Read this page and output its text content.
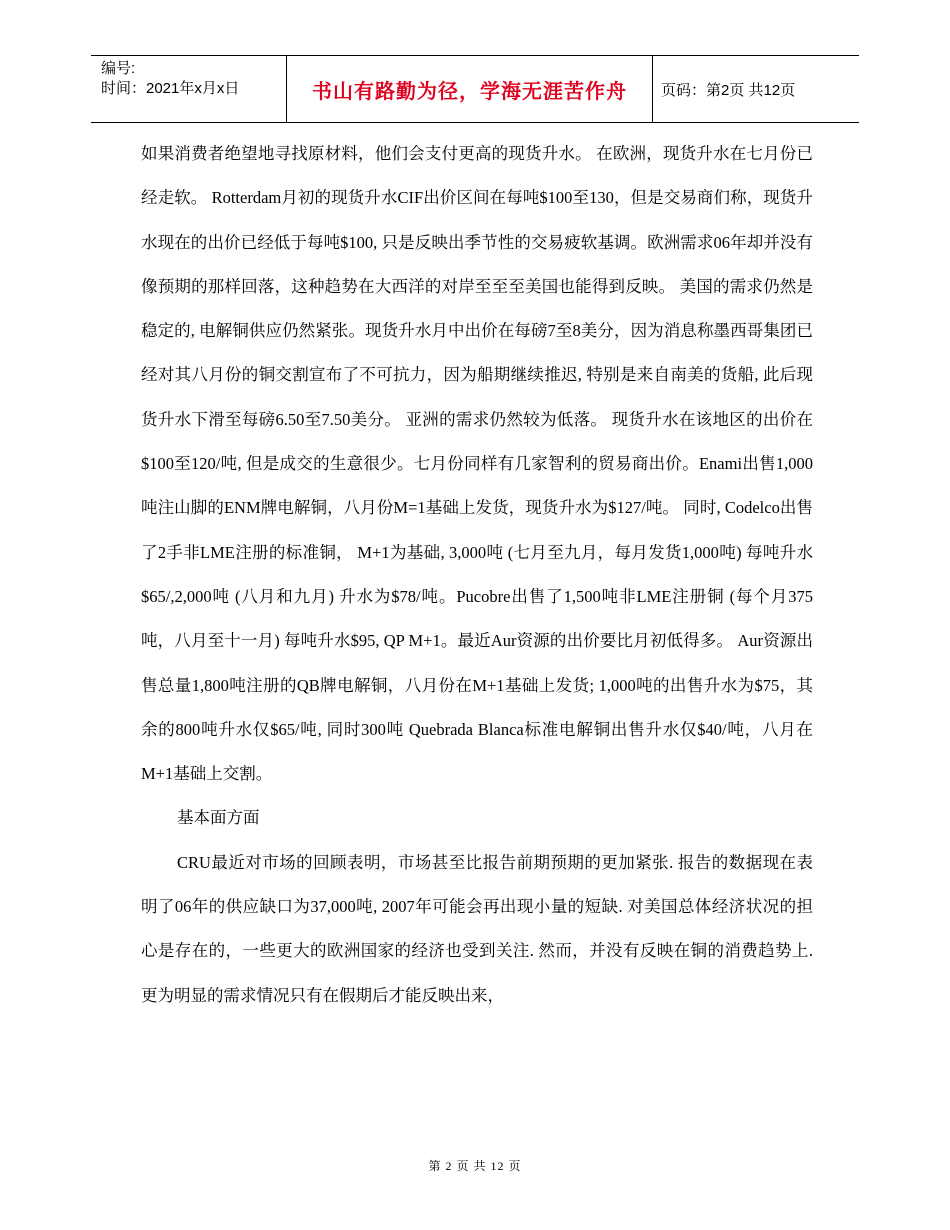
编号:
时间：2021年x月x日	书山有路勤为径，学海无涯苦作舟	页码：第2页 共12页

如果消费者绝望地寻找原材料，他们会支付更高的现货升水。 在欧洲，现货升水在七月份已经走软。 Rotterdam月初的现货升水CIF出价区间在每吨$100至130，但是交易商们称，现货升水现在的出价已经低于每吨$100, 只是反映出季节性的交易疲软基调。欧洲需求06年却并没有像预期的那样回落，这种趋势在大西洋的对岸至至至美国也能得到反映。 美国的需求仍然是稳定的, 电解铜供应仍然紧张。现货升水月中出价在每磅7至8美分，因为消息称墨西哥集团已经对其八月份的铜交割宣布了不可抗力，因为船期继续推迟, 特别是来自南美的货船, 此后现货升水下滑至每磅6.50至7.50美分。 亚洲的需求仍然较为低落。 现货升水在该地区的出价在$100至120/吨, 但是成交的生意很少。七月份同样有几家智利的贸易商出价。Enami出售1,000吨注山脚的ENM牌电解铜，八月份M=1基础上发货，现货升水为$127/吨。 同时, Codelco出售了2手非LME注册的标准铜， M+1为基础, 3,000吨 (七月至九月，每月发货1,000吨) 每吨升水$65/,2,000吨 (八月和九月) 升水为$78/吨。Pucobre出售了1,500吨非LME注册铜 (每个月375吨，八月至十一月) 每吨升水$95, QP M+1。最近Aur资源的出价要比月初低得多。 Aur资源出售总量1,800吨注册的QB牌电解铜，八月份在M+1基础上发货; 1,000吨的出售升水为$75，其余的800吨升水仅$65/吨, 同时300吨 Quebrada Blanca标准电解铜出售升水仅$40/吨，八月在M+1基础上交割。

基本面方面

CRU最近对市场的回顾表明，市场甚至比报告前期预期的更加紧张. 报告的数据现在表明了06年的供应缺口为37,000吨, 2007年可能会再出现小量的短缺. 对美国总体经济状况的担心是存在的，一些更大的欧洲国家的经济也受到关注. 然而，并没有反映在铜的消费趋势上. 更为明显的需求情况只有在假期后才能反映出来，

第 2 页 共 12 页
